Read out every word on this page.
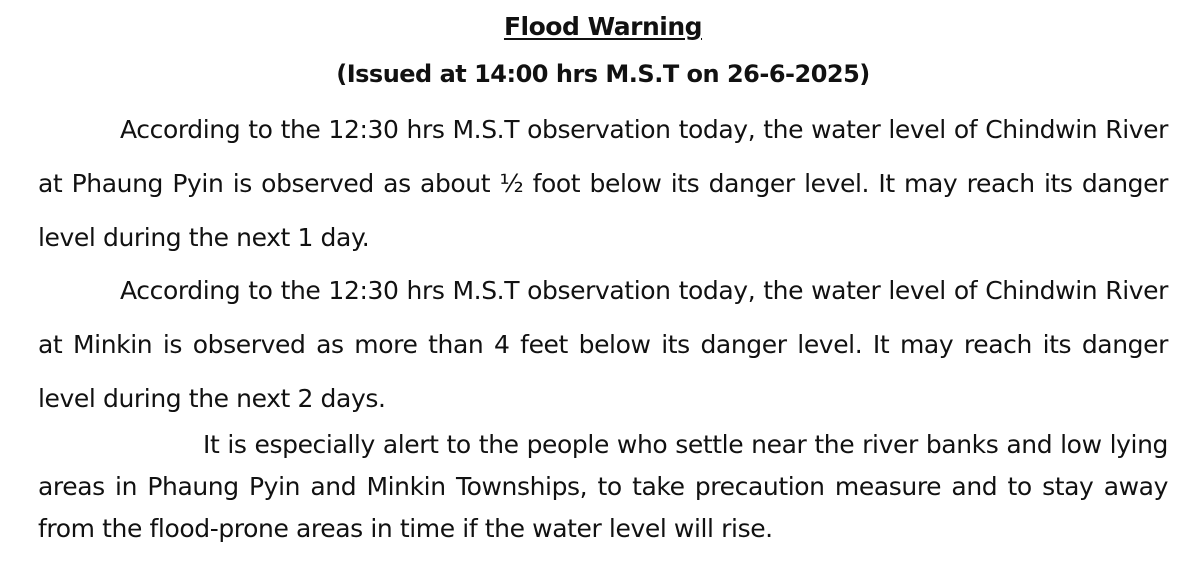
Flood Warning
(Issued at 14:00 hrs M.S.T on 26-6-2025)

According to the 12:30 hrs M.S.T observation today, the water level of Chindwin River at Phaung Pyin is observed as about ½ foot below its danger level. It may reach its danger level during the next 1 day.

According to the 12:30 hrs M.S.T observation today, the water level of Chindwin River at Minkin is observed as more than 4 feet below its danger level. It may reach its danger level during the next 2 days.

It is especially alert to the people who settle near the river banks and low lying areas in Phaung Pyin and Minkin Townships, to take precaution measure and to stay away from the flood-prone areas in time if the water level will rise.
